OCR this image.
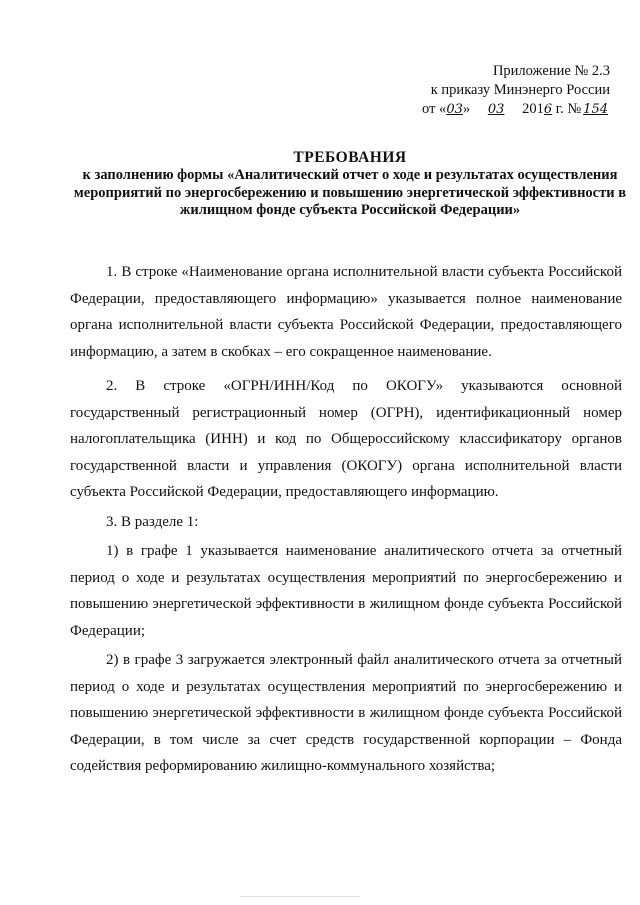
Приложение № 2.3
к приказу Минэнерго России
от «03» 03 2016 г. № 154
ТРЕБОВАНИЯ
к заполнению формы «Аналитический отчет о ходе и результатах осуществления мероприятий по энергосбережению и повышению энергетической эффективности в жилищном фонде субъекта Российской Федерации»

1. В строке «Наименование органа исполнительной власти субъекта Российской Федерации, предоставляющего информацию» указывается полное наименование органа исполнительной власти субъекта Российской Федерации, предоставляющего информацию, а затем в скобках – его сокращенное наименование.

2. В строке «ОГРН/ИНН/Код по ОКОГУ» указываются основной государственный регистрационный номер (ОГРН), идентификационный номер налогоплательщика (ИНН) и код по Общероссийскому классификатору органов государственной власти и управления (ОКОГУ) органа исполнительной власти субъекта Российской Федерации, предоставляющего информацию.

3. В разделе 1:

1) в графе 1 указывается наименование аналитического отчета за отчетный период о ходе и результатах осуществления мероприятий по энергосбережению и повышению энергетической эффективности в жилищном фонде субъекта Российской Федерации;

2) в графе 3 загружается электронный файл аналитического отчета за отчетный период о ходе и результатах осуществления мероприятий по энергосбережению и повышению энергетической эффективности в жилищном фонде субъекта Российской Федерации, в том числе за счет средств государственной корпорации – Фонда содействия реформированию жилищно-коммунального хозяйства;
